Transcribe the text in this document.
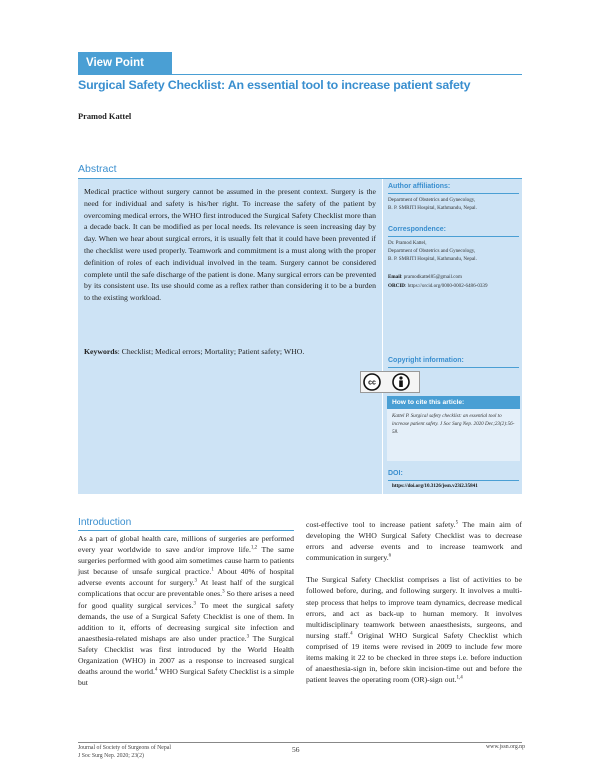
View Point
Surgical Safety Checklist: An essential tool to increase patient safety
Pramod Kattel
Abstract

Medical practice without surgery cannot be assumed in the present context. Surgery is the need for individual and safety is his/her right. To increase the safety of the patient by overcoming medical errors, the WHO first introduced the Surgical Safety Checklist more than a decade back. It can be modified as per local needs. Its relevance is seen increasing day by day. When we hear about surgical errors, it is usually felt that it could have been prevented if the checklist were used properly. Teamwork and commitment is a must along with the proper definition of roles of each individual involved in the team. Surgery cannot be considered complete until the safe discharge of the patient is done. Many surgical errors can be prevented by its consistent use. Its use should come as a reflex rather than considering it to be a burden to the existing workload.

Keywords: Checklist; Medical errors; Mortality; Patient safety; WHO.
Author affiliations:
Department of Obstetrics and Gynecology,
B. P. SMRITI Hospital, Kathmandu, Nepal.
Correspondence:
Dr. Pramod Kattel,
Department of Obstetrics and Gynecology,
B. P. SMRITI Hospital, Kathmandu, Nepal.
Email: pramodkattel85@gmail.com
ORCID: https://orcid.org/0000-0002-6486-0339
Copyright information:
cc
How to cite this article:
Kattel P. Surgical safety checklist: an essential tool to increase patient safety. J Soc Surg Nep. 2020 Dec;23(2):56-58.
DOI:
https://doi.org/10.3126/jssn.v23i2.35841
Introduction

As a part of global health care, millions of surgeries are performed every year worldwide to save and/or improve life.$^{1,2}$ The same surgeries performed with good aim sometimes cause harm to patients just because of unsafe surgical practice.$^1$ About 40% of hospital adverse events account for surgery.$^3$ At least half of the surgical complications that occur are preventable ones.$^3$ So there arises a need for good quality surgical services.$^3$ To meet the surgical safety demands, the use of a Surgical Safety Checklist is one of them. In addition to it, efforts of decreasing surgical site infection and anaesthesia-related mishaps are also under practice.$^3$ The Surgical Safety Checklist was first introduced by the World Health Organization (WHO) in 2007 as a response to increased surgical deaths around the world.$^4$ WHO Surgical Safety Checklist is a simple but

cost-effective tool to increase patient safety.$^5$ The main aim of developing the WHO Surgical Safety Checklist was to decrease errors and adverse events and to increase teamwork and communication in surgery.$^6$

The Surgical Safety Checklist comprises a list of activities to be followed before, during, and following surgery. It involves a multi-step process that helps to improve team dynamics, decrease medical errors, and act as back-up to human memory. It involves multidisciplinary teamwork between anaesthesists, surgeons, and nursing staff.$^4$ Original WHO Surgical Safety Checklist which comprised of 19 items were revised in 2009 to include few more items making it 22 to be checked in three steps i.e. before induction of anaesthesia-sign in, before skin incision-time out and before the patient leaves the operating room (OR)-sign out.$^{1,4}$

Journal of Society of Surgeons of Nepal
J Soc Surg Nep. 2020; 23(2)
56	www.jssn.org.np
